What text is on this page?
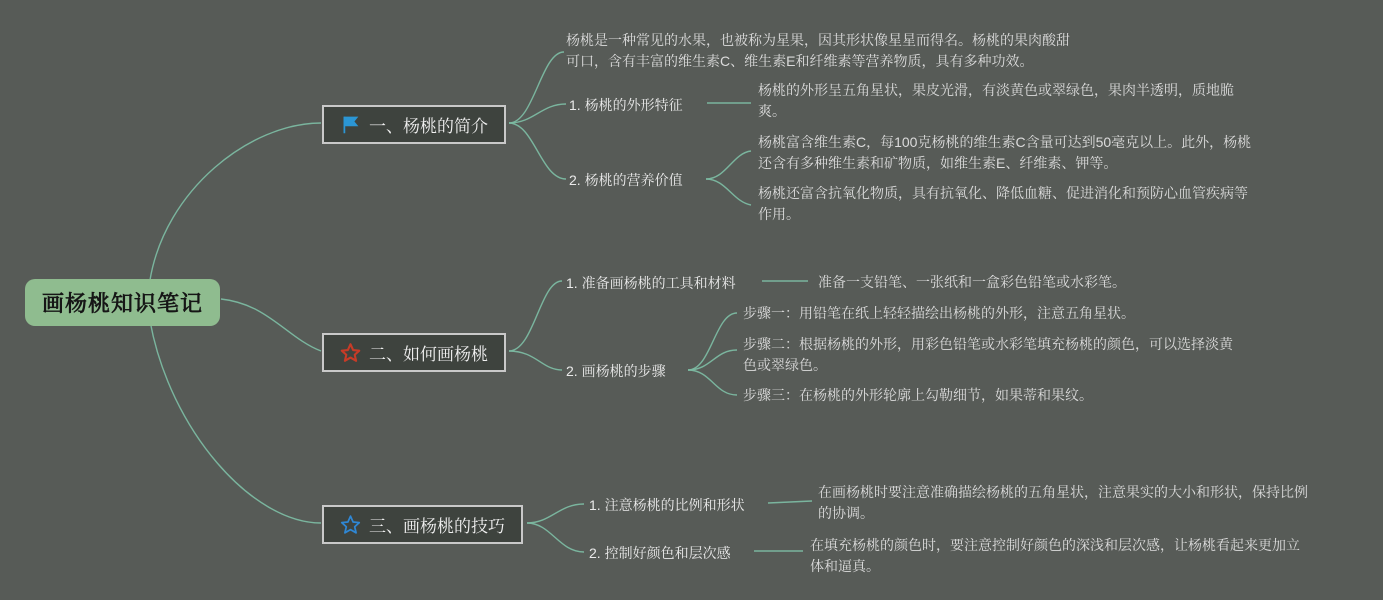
画杨桃知识笔记
一、杨桃的简介
杨桃是一种常见的水果，也被称为星果，因其形状像星星而得名。杨桃的果肉酸甜可口，含有丰富的维生素C、维生素E和纤维素等营养物质，具有多种功效。
1. 杨桃的外形特征
杨桃的外形呈五角星状，果皮光滑，有淡黄色或翠绿色，果肉半透明，质地脆爽。
2. 杨桃的营养价值
杨桃富含维生素C，每100克杨桃的维生素C含量可达到50毫克以上。此外，杨桃还含有多种维生素和矿物质，如维生素E、纤维素、钾等。
杨桃还富含抗氧化物质，具有抗氧化、降低血糖、促进消化和预防心血管疾病等作用。
二、如何画杨桃
1. 准备画杨桃的工具和材料	准备一支铅笔、一张纸和一盒彩色铅笔或水彩笔。
2. 画杨桃的步骤
步骤一：用铅笔在纸上轻轻描绘出杨桃的外形，注意五角星状。
步骤二：根据杨桃的外形，用彩色铅笔或水彩笔填充杨桃的颜色，可以选择淡黄色或翠绿色。
步骤三：在杨桃的外形轮廓上勾勒细节，如果蒂和果纹。
三、画杨桃的技巧
1. 注意杨桃的比例和形状
在画杨桃时要注意准确描绘杨桃的五角星状，注意果实的大小和形状，保持比例的协调。
2. 控制好颜色和层次感	在填充杨桃的颜色时，要注意控制好颜色的深浅和层次感，让杨桃看起来更加立体和逼真。
